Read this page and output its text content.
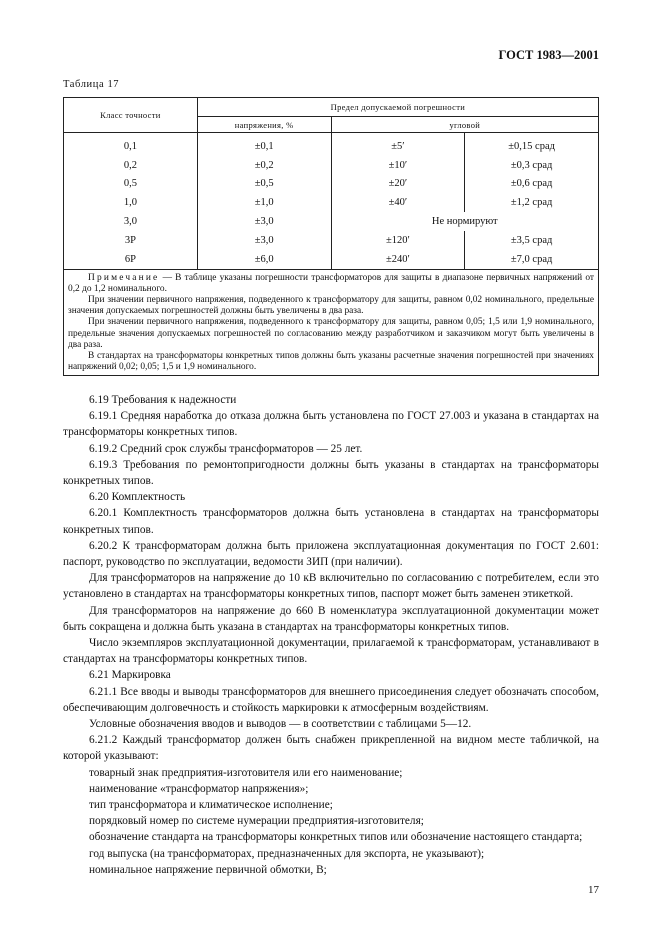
ГОСТ 1983—2001
Таблица 17
Класс точности	Предел допускаемой погрешности		
	напряжения, %	угловой	
0,1	±0,1	±5′	±0,15 срад
0,2	±0,2	±10′	±0,3 срад
0,5	±0,5	±20′	±0,6 срад
1,0	±1,0	±40′	±1,2 срад
3,0	±3,0	Не нормируют	
3Р	±3,0	±120′	±3,5 срад
6Р	±6,0	±240′	±7,0 срад

Примечание — В таблице указаны погрешности трансформаторов для защиты в диапазоне первичных напряжений от 0,2 до 1,2 номинального.

При значении первичного напряжения, подведенного к трансформатору для защиты, равном 0,02 номинального, предельные значения допускаемых погрешностей должны быть увеличены в два раза.

При значении первичного напряжения, подведенного к трансформатору для защиты, равном 0,05; 1,5 или 1,9 номинального, предельные значения допускаемых погрешностей по согласованию между разработчиком и заказчиком могут быть увеличены в два раза.

В стандартах на трансформаторы конкретных типов должны быть указаны расчетные значения погрешностей при значениях напряжений 0,02; 0,05; 1,5 и 1,9 номинального.			

6.19 Требования к надежности

6.19.1 Средняя наработка до отказа должна быть установлена по ГОСТ 27.003 и указана в стандартах на трансформаторы конкретных типов.

6.19.2 Средний срок службы трансформаторов — 25 лет.

6.19.3 Требования по ремонтопригодности должны быть указаны в стандартах на трансформаторы конкретных типов.

6.20 Комплектность

6.20.1 Комплектность трансформаторов должна быть установлена в стандартах на трансформаторы конкретных типов.

6.20.2 К трансформаторам должна быть приложена эксплуатационная документация по ГОСТ 2.601: паспорт, руководство по эксплуатации, ведомости ЗИП (при наличии).

Для трансформаторов на напряжение до 10 кВ включительно по согласованию с потребителем, если это установлено в стандартах на трансформаторы конкретных типов, паспорт может быть заменен этикеткой.

Для трансформаторов на напряжение до 660 В номенклатура эксплуатационной документации может быть сокращена и должна быть указана в стандартах на трансформаторы конкретных типов.

Число экземпляров эксплуатационной документации, прилагаемой к трансформаторам, устанавливают в стандартах на трансформаторы конкретных типов.

6.21 Маркировка

6.21.1 Все вводы и выводы трансформаторов для внешнего присоединения следует обозначать способом, обеспечивающим долговечность и стойкость маркировки к атмосферным воздействиям.

Условные обозначения вводов и выводов — в соответствии с таблицами 5—12.

6.21.2 Каждый трансформатор должен быть снабжен прикрепленной на видном месте табличкой, на которой указывают:

товарный знак предприятия-изготовителя или его наименование;

наименование «трансформатор напряжения»;

тип трансформатора и климатическое исполнение;

порядковый номер по системе нумерации предприятия-изготовителя;

обозначение стандарта на трансформаторы конкретных типов или обозначение настоящего стандарта;

год выпуска (на трансформаторах, предназначенных для экспорта, не указывают);

номинальное напряжение первичной обмотки, В;

17
